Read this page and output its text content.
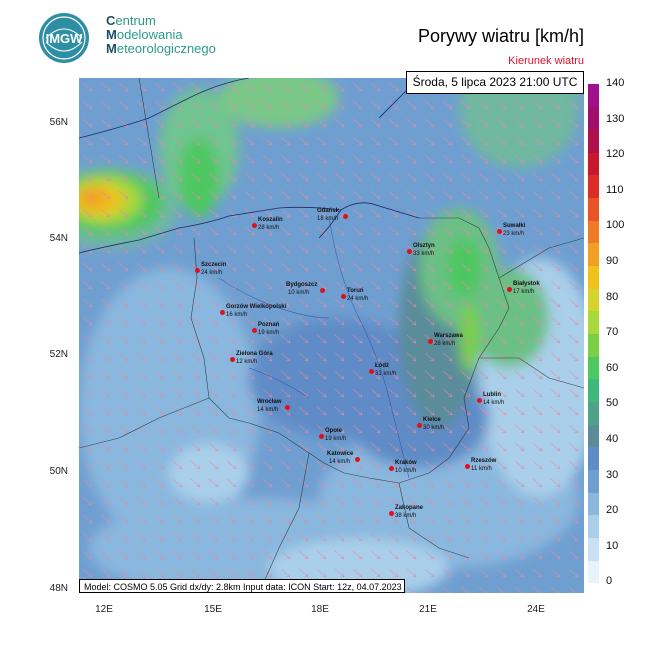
IMGW
Centrum
Modelowania
Meteorologicznego
Porywy wiatru [km/h]
Kierunek wiatru
Środa, 5 lipca 2023 21:00 UTC
Model: COSMO 5.05 Grid dx/dy: 2.8km Input data: ICON Start: 12z, 04.07.2023
56N
54N
52N
50N
48N
12E	15E	18E	21E	24E
Koszalin
28 km/h
Gdańsk
18 km/h
Suwałki
23 km/h
Olsztyn
33 km/h
Szczecin
24 km/h
Białystok
17 km/h
Bydgoszcz
10 km/h	Toruń
24 km/h
Gorzów Wielkopolski
16 km/h
Poznań
19 km/h	Warszawa
28 km/h
Zielona Góra
12 km/h
Łódź
31 km/h
Wrocław
14 km/h
Lublin
14 km/h
Opole
19 km/h
Kielce
30 km/h
Katowice
14 km/h	Rzeszów
11 km/h
Kraków
10 km/h
Zakopane
38 km/h
140
130
120
110
100
90
80
70
60
50
40
30
20
10
0
